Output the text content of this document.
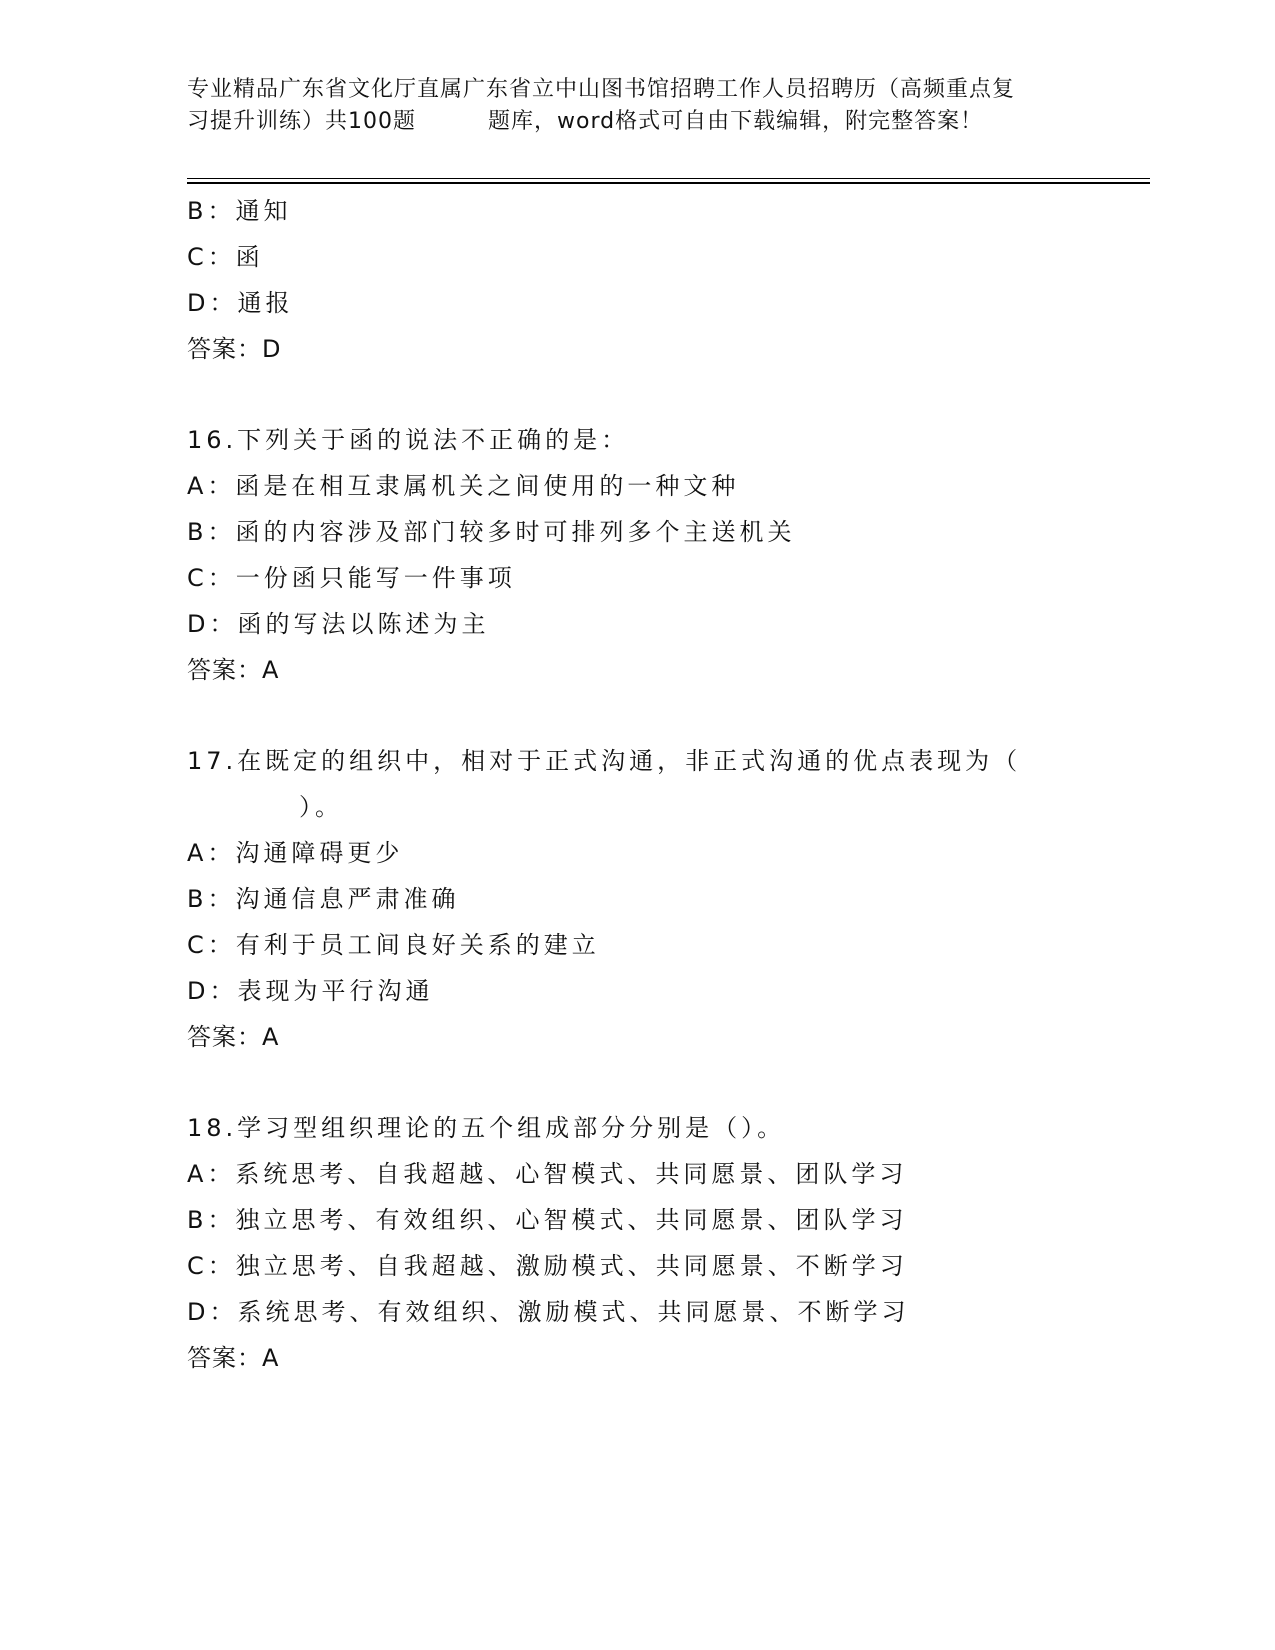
专业精品广东省文化厅直属广东省立中山图书馆招聘工作人员招聘历（高频重点复
习提升训练）共100题	题库，word格式可自由下载编辑，附完整答案！
B：通知
C：函
D：通报
答案：D
16.下列关于函的说法不正确的是：
A：函是在相互隶属机关之间使用的一种文种
B：函的内容涉及部门较多时可排列多个主送机关
C：一份函只能写一件事项
D：函的写法以陈述为主
答案：A
17.在既定的组织中，相对于正式沟通，非正式沟通的优点表现为（
）。
A：沟通障碍更少
B：沟通信息严肃准确
C：有利于员工间良好关系的建立
D：表现为平行沟通
答案：A
18.学习型组织理论的五个组成部分分别是（）。
A：系统思考、自我超越、心智模式、共同愿景、团队学习
B：独立思考、有效组织、心智模式、共同愿景、团队学习
C：独立思考、自我超越、激励模式、共同愿景、不断学习
D：系统思考、有效组织、激励模式、共同愿景、不断学习
答案：A
